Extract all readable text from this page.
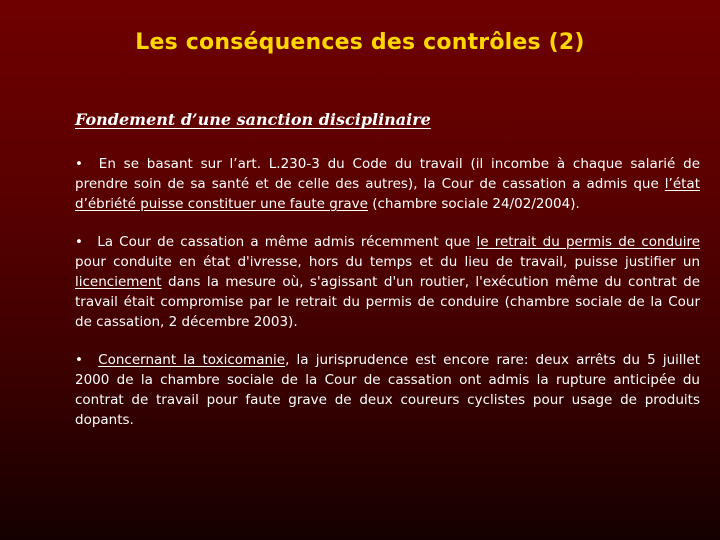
Les conséquences des contrôles (2)
Fondement d’une sanction disciplinaire

• En se basant sur l’art. L.230-3 du Code du travail (il incombe à chaque salarié de prendre soin de sa santé et de celle des autres), la Cour de cassation a admis que l’état d’ébriété puisse constituer une faute grave (chambre sociale 24/02/2004).

• La Cour de cassation a même admis récemment que le retrait du permis de conduire pour conduite en état d'ivresse, hors du temps et du lieu de travail, puisse justifier un licenciement dans la mesure où, s'agissant d'un routier, l'exécution même du contrat de travail était compromise par le retrait du permis de conduire (chambre sociale de la Cour de cassation, 2 décembre 2003).

• Concernant la toxicomanie, la jurisprudence est encore rare: deux arrêts du 5 juillet 2000 de la chambre sociale de la Cour de cassation ont admis la rupture anticipée du contrat de travail pour faute grave de deux coureurs cyclistes pour usage de produits dopants.
